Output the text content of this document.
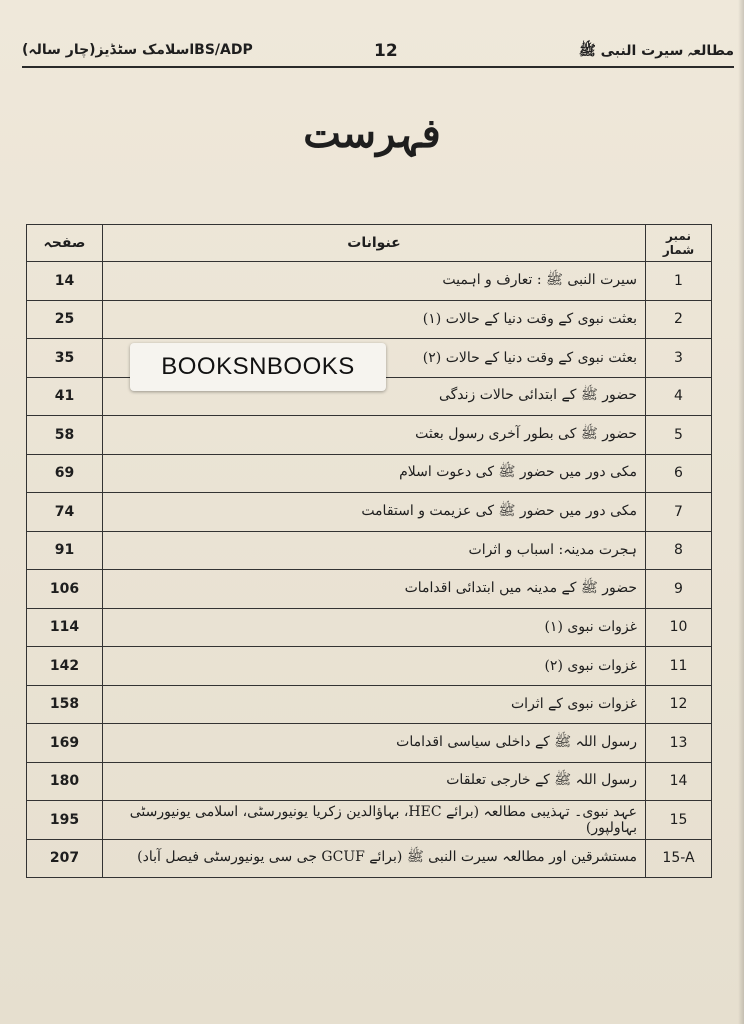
BS/ADPاسلامک سٹڈیز(چار سالہ)	12	مطالعہ سیرت النبی ﷺ
فہرست
صفحہ	عنوانات	نمبر شمار
14	سیرت النبی ﷺ : تعارف و اہمیت	1
25	بعثت نبوی کے وقت دنیا کے حالات (۱)	2
35	بعثت نبوی کے وقت دنیا کے حالات (۲)	3
41	حضور ﷺ کے ابتدائی حالات زندگی	4
58	حضور ﷺ کی بطور آخری رسول بعثت	5
69	مکی دور میں حضور ﷺ کی دعوت اسلام	6
74	مکی دور میں حضور ﷺ کی عزیمت و استقامت	7
91	ہجرت مدینہ: اسباب و اثرات	8
106	حضور ﷺ کے مدینہ میں ابتدائی اقدامات	9
114	غزوات نبوی (۱)	10
142	غزوات نبوی (۲)	11
158	غزوات نبوی کے اثرات	12
169	رسول اللہ ﷺ کے داخلی سیاسی اقدامات	13
180	رسول اللہ ﷺ کے خارجی تعلقات	14
195	عہد نبوی۔ تہذیبی مطالعہ (برائے HEC، بہاؤالدین زکریا یونیورسٹی، اسلامی یونیورسٹی بہاولپور)	15
207	مستشرقین اور مطالعہ سیرت النبی ﷺ (برائے GCUF جی سی یونیورسٹی فیصل آباد)	15-A
BOOKSNBOOKS
